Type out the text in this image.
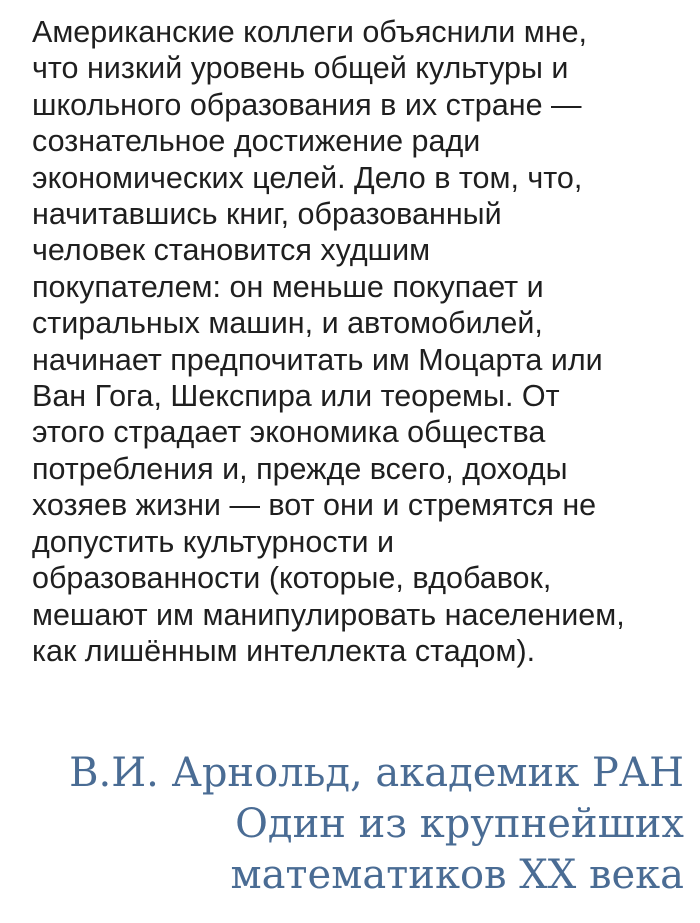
Американские коллеги объяснили мне,
что низкий уровень общей культуры и
школьного образования в их стране —
сознательное достижение ради
экономических целей. Дело в том, что,
начитавшись книг, образованный
человек становится худшим
покупателем: он меньше покупает и
стиральных машин, и автомобилей,
начинает предпочитать им Моцарта или
Ван Гога, Шекспира или теоремы. От
этого страдает экономика общества
потребления и, прежде всего, доходы
хозяев жизни — вот они и стремятся не
допустить культурности и
образованности (которые, вдобавок,
мешают им манипулировать населением,
как лишённым интеллекта стадом).

В.И. Арнольд, академик РАН
Один из крупнейших
математиков XX века
